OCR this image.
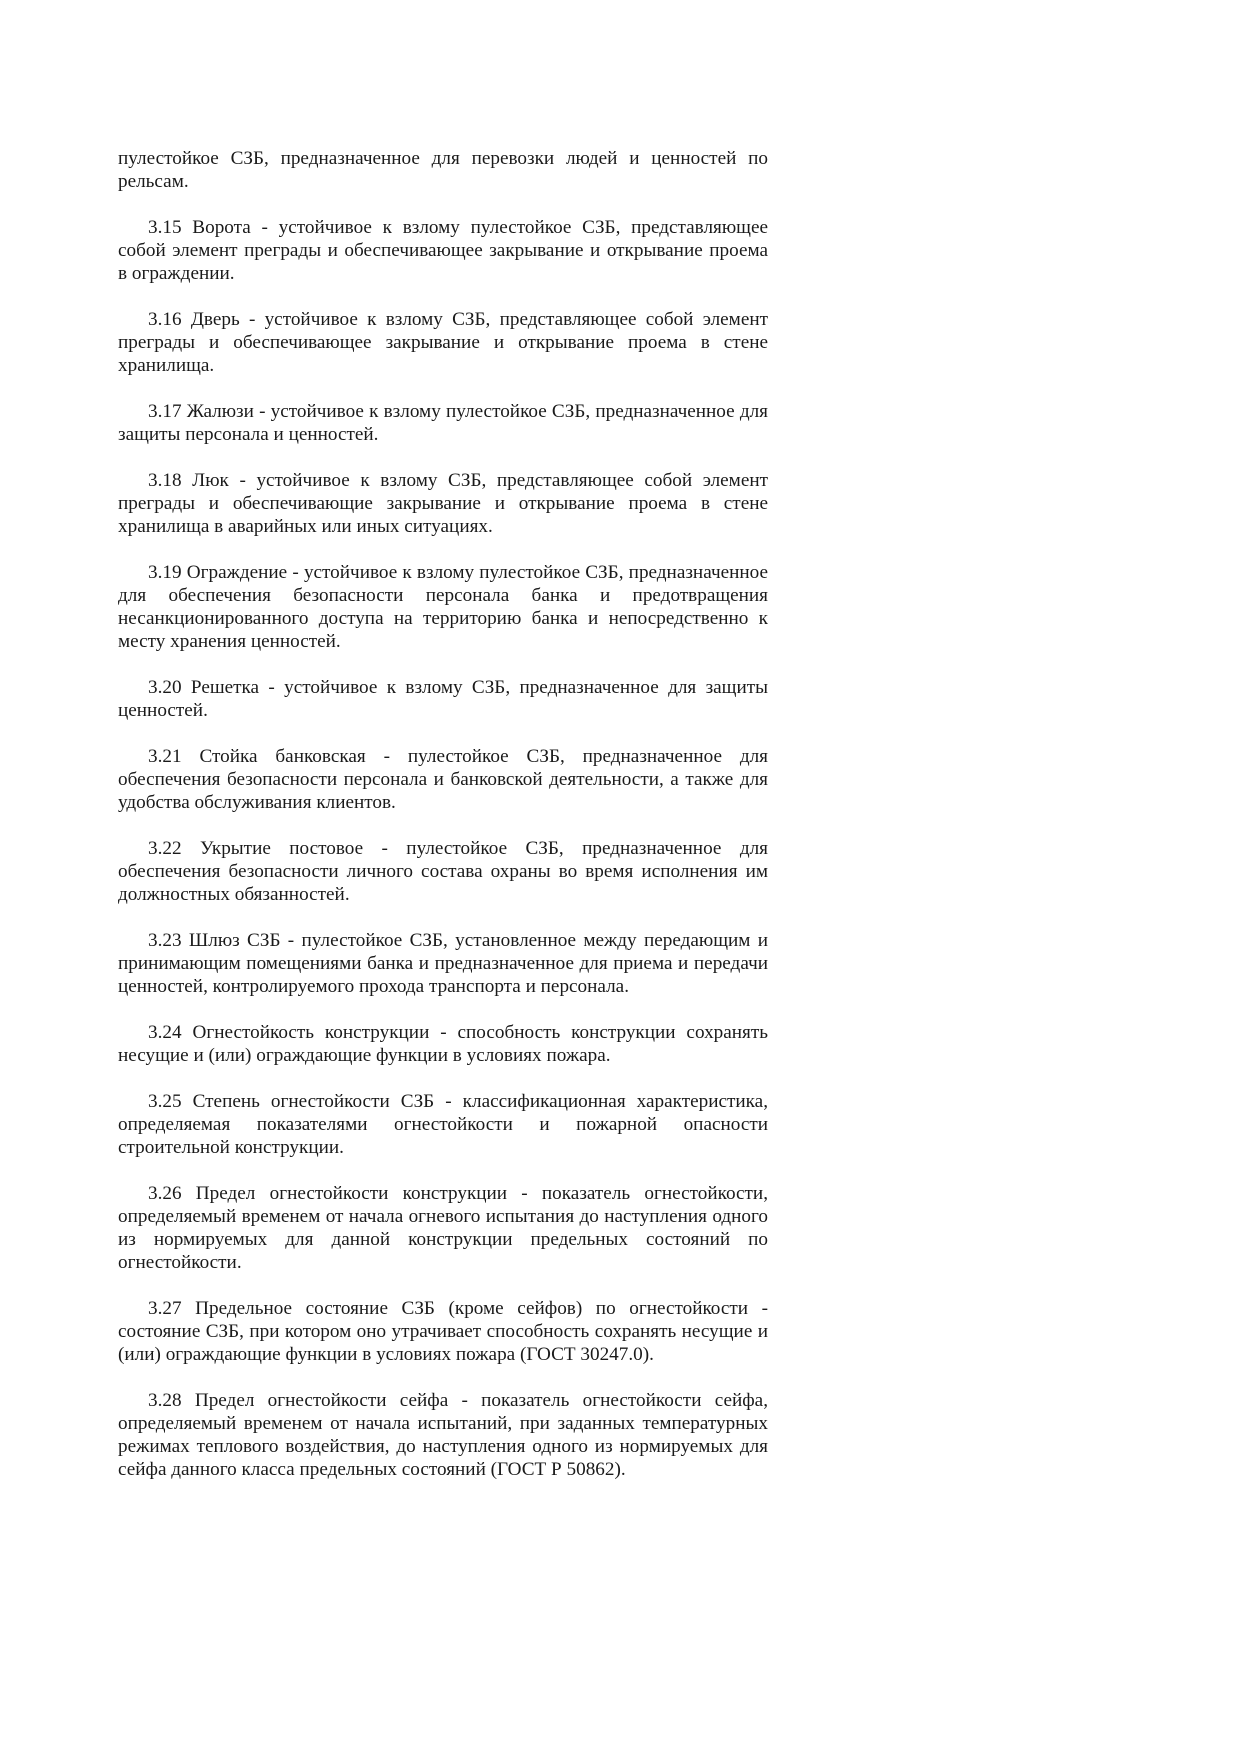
пулестойкое СЗБ, предназначенное для перевозки людей и ценностей по рельсам.

3.15 Ворота - устойчивое к взлому пулестойкое СЗБ, представляющее собой элемент преграды и обеспечивающее закрывание и открывание проема в ограждении.

3.16 Дверь - устойчивое к взлому СЗБ, представляющее собой элемент преграды и обеспечивающее закрывание и открывание проема в стене хранилища.

3.17 Жалюзи - устойчивое к взлому пулестойкое СЗБ, предназначенное для защиты персонала и ценностей.

3.18 Люк - устойчивое к взлому СЗБ, представляющее собой элемент преграды и обеспечивающие закрывание и открывание проема в стене хранилища в аварийных или иных ситуациях.

3.19 Ограждение - устойчивое к взлому пулестойкое СЗБ, предназначенное для обеспечения безопасности персонала банка и предотвращения несанкционированного доступа на территорию банка и непосредственно к месту хранения ценностей.

3.20 Решетка - устойчивое к взлому СЗБ, предназначенное для защиты ценностей.

3.21 Стойка банковская - пулестойкое СЗБ, предназначенное для обеспечения безопасности персонала и банковской деятельности, а также для удобства обслуживания клиентов.

3.22 Укрытие постовое - пулестойкое СЗБ, предназначенное для обеспечения безопасности личного состава охраны во время исполнения им должностных обязанностей.

3.23 Шлюз СЗБ - пулестойкое СЗБ, установленное между передающим и принимающим помещениями банка и предназначенное для приема и передачи ценностей, контролируемого прохода транспорта и персонала.

3.24 Огнестойкость конструкции - способность конструкции сохранять несущие и (или) ограждающие функции в условиях пожара.

3.25 Степень огнестойкости СЗБ - классификационная характеристика, определяемая показателями огнестойкости и пожарной опасности строительной конструкции.

3.26 Предел огнестойкости конструкции - показатель огнестойкости, определяемый временем от начала огневого испытания до наступления одного из нормируемых для данной конструкции предельных состояний по огнестойкости.

3.27 Предельное состояние СЗБ (кроме сейфов) по огнестойкости - состояние СЗБ, при котором оно утрачивает способность сохранять несущие и (или) ограждающие функции в условиях пожара (ГОСТ 30247.0).

3.28 Предел огнестойкости сейфа - показатель огнестойкости сейфа, определяемый временем от начала испытаний, при заданных температурных режимах теплового воздействия, до наступления одного из нормируемых для сейфа данного класса предельных состояний (ГОСТ Р 50862).
